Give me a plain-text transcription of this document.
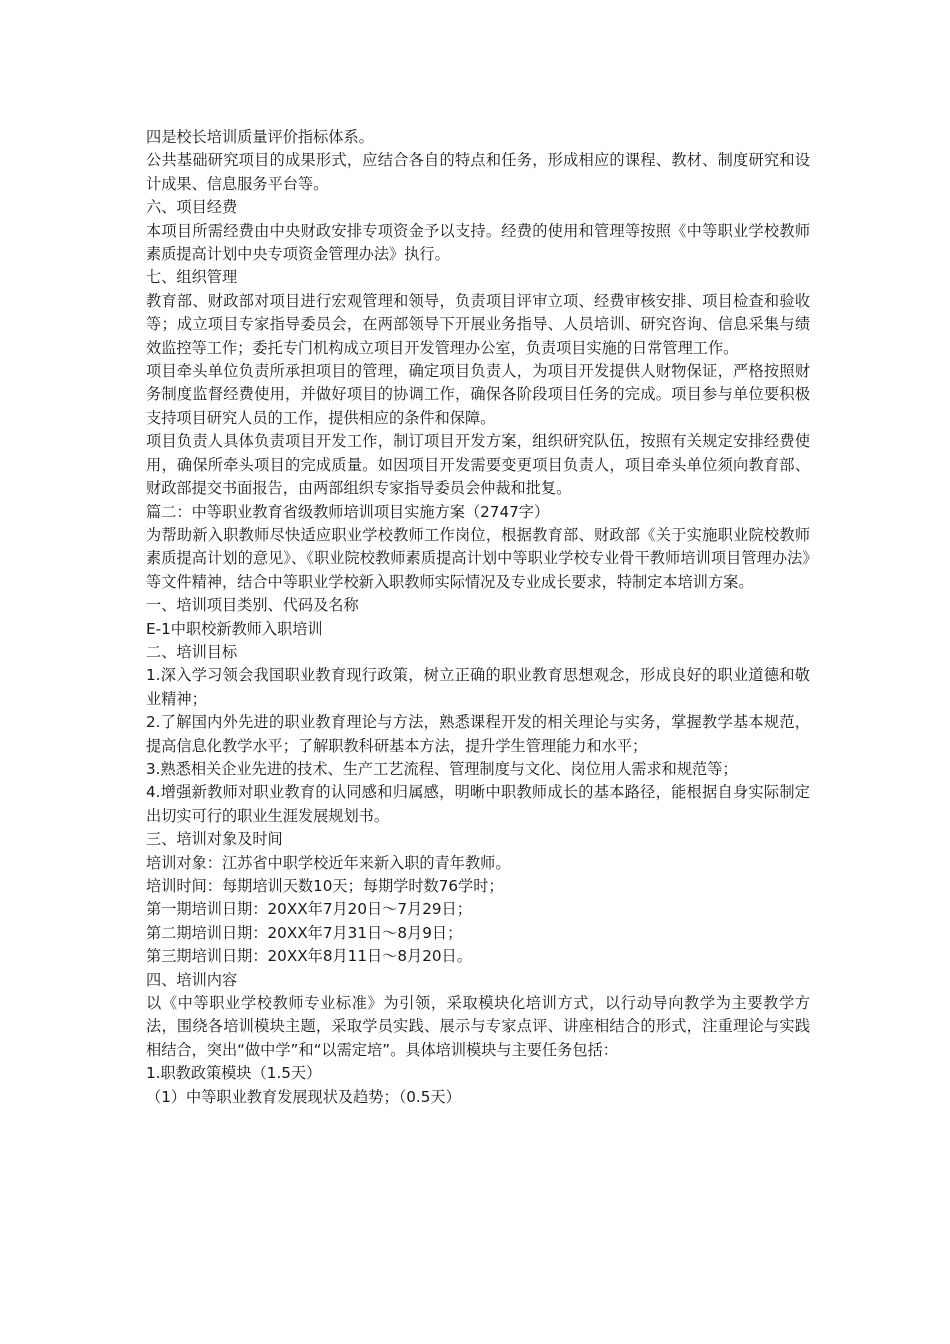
四是校长培训质量评价指标体系。

公共基础研究项目的成果形式，应结合各自的特点和任务，形成相应的课程、教材、制度研究和设计成果、信息服务平台等。

六、项目经费

本项目所需经费由中央财政安排专项资金予以支持。经费的使用和管理等按照《中等职业学校教师素质提高计划中央专项资金管理办法》执行。

七、组织管理

教育部、财政部对项目进行宏观管理和领导，负责项目评审立项、经费审核安排、项目检查和验收等；成立项目专家指导委员会，在两部领导下开展业务指导、人员培训、研究咨询、信息采集与绩效监控等工作；委托专门机构成立项目开发管理办公室，负责项目实施的日常管理工作。

项目牵头单位负责所承担项目的管理，确定项目负责人，为项目开发提供人财物保证，严格按照财务制度监督经费使用，并做好项目的协调工作，确保各阶段项目任务的完成。项目参与单位要积极支持项目研究人员的工作，提供相应的条件和保障。

项目负责人具体负责项目开发工作，制订项目开发方案，组织研究队伍，按照有关规定安排经费使用，确保所牵头项目的完成质量。如因项目开发需要变更项目负责人，项目牵头单位须向教育部、财政部提交书面报告，由两部组织专家指导委员会仲裁和批复。

篇二：中等职业教育省级教师培训项目实施方案（2747字）

为帮助新入职教师尽快适应职业学校教师工作岗位，根据教育部、财政部《关于实施职业院校教师素质提高计划的意见》、《职业院校教师素质提高计划中等职业学校专业骨干教师培训项目管理办法》等文件精神，结合中等职业学校新入职教师实际情况及专业成长要求，特制定本培训方案。

一、培训项目类别、代码及名称

E-1中职校新教师入职培训

二、培训目标

1.深入学习领会我国职业教育现行政策，树立正确的职业教育思想观念，形成良好的职业道德和敬业精神；

2.了解国内外先进的职业教育理论与方法，熟悉课程开发的相关理论与实务，掌握教学基本规范，提高信息化教学水平；了解职教科研基本方法，提升学生管理能力和水平；

3.熟悉相关企业先进的技术、生产工艺流程、管理制度与文化、岗位用人需求和规范等；

4.增强新教师对职业教育的认同感和归属感，明晰中职教师成长的基本路径，能根据自身实际制定出切实可行的职业生涯发展规划书。

三、培训对象及时间

培训对象：江苏省中职学校近年来新入职的青年教师。

培训时间：每期培训天数10天；每期学时数76学时；

第一期培训日期：20XX年7月20日～7月29日；

第二期培训日期：20XX年7月31日～8月9日；

第三期培训日期：20XX年8月11日～8月20日。

四、培训内容

以《中等职业学校教师专业标准》为引领，采取模块化培训方式，以行动导向教学为主要教学方法，围绕各培训模块主题，采取学员实践、展示与专家点评、讲座相结合的形式，注重理论与实践相结合，突出“做中学”和“以需定培”。具体培训模块与主要任务包括：

1.职教政策模块（1.5天）

（1）中等职业教育发展现状及趋势；（0.5天）
